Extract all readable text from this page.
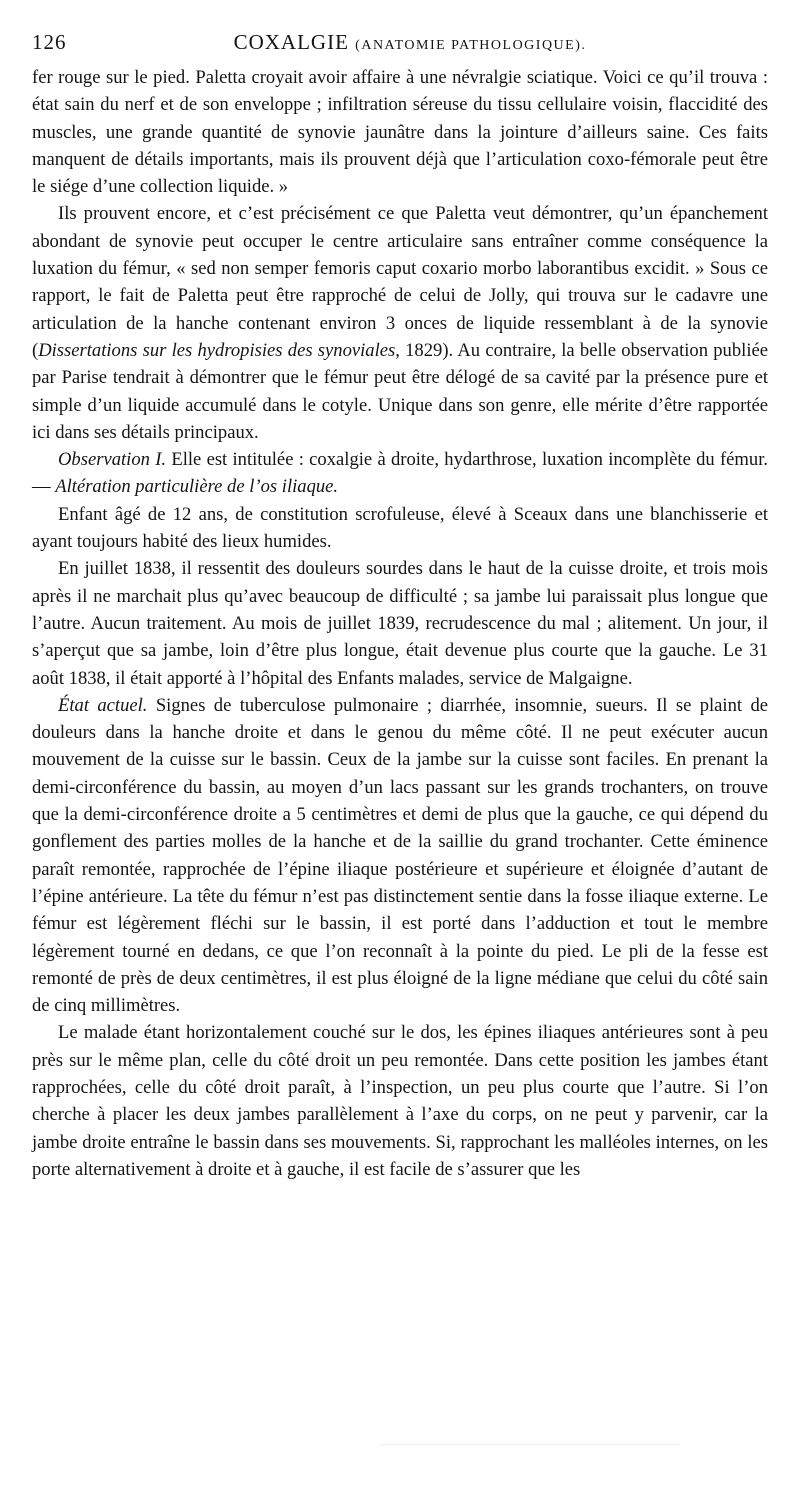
126	COXALGIE (ANATOMIE PATHOLOGIQUE).

fer rouge sur le pied. Paletta croyait avoir affaire à une névralgie sciatique. Voici ce qu’il trouva : état sain du nerf et de son enveloppe ; infiltration séreuse du tissu cellulaire voisin, flaccidité des muscles, une grande quantité de synovie jaunâtre dans la jointure d’ailleurs saine. Ces faits manquent de détails importants, mais ils prouvent déjà que l’articulation coxo-fémorale peut être le siége d’une collection liquide. »

Ils prouvent encore, et c’est précisément ce que Paletta veut démontrer, qu’un épanchement abondant de synovie peut occuper le centre articulaire sans entraîner comme conséquence la luxation du fémur, « sed non semper femoris caput coxario morbo laborantibus excidit. » Sous ce rapport, le fait de Paletta peut être rapproché de celui de Jolly, qui trouva sur le cadavre une articulation de la hanche contenant environ 3 onces de liquide ressemblant à de la synovie (Dissertations sur les hydropisies des synoviales, 1829). Au contraire, la belle observation publiée par Parise tendrait à démontrer que le fémur peut être délogé de sa cavité par la présence pure et simple d’un liquide accumulé dans le cotyle. Unique dans son genre, elle mérite d’être rapportée ici dans ses détails principaux.

Observation I. Elle est intitulée : coxalgie à droite, hydarthrose, luxation incomplète du fémur. — Altération particulière de l’os iliaque.

Enfant âgé de 12 ans, de constitution scrofuleuse, élevé à Sceaux dans une blanchisserie et ayant toujours habité des lieux humides.

En juillet 1838, il ressentit des douleurs sourdes dans le haut de la cuisse droite, et trois mois après il ne marchait plus qu’avec beaucoup de difficulté ; sa jambe lui paraissait plus longue que l’autre. Aucun traitement. Au mois de juillet 1839, recrudescence du mal ; alitement. Un jour, il s’aperçut que sa jambe, loin d’être plus longue, était devenue plus courte que la gauche. Le 31 août 1838, il était apporté à l’hôpital des Enfants malades, service de Malgaigne.

État actuel. Signes de tuberculose pulmonaire ; diarrhée, insomnie, sueurs. Il se plaint de douleurs dans la hanche droite et dans le genou du même côté. Il ne peut exécuter aucun mouvement de la cuisse sur le bassin. Ceux de la jambe sur la cuisse sont faciles. En prenant la demi-circonférence du bassin, au moyen d’un lacs passant sur les grands trochanters, on trouve que la demi-circonférence droite a 5 centimètres et demi de plus que la gauche, ce qui dépend du gonflement des parties molles de la hanche et de la saillie du grand trochanter. Cette éminence paraît remontée, rapprochée de l’épine iliaque postérieure et supérieure et éloignée d’autant de l’épine antérieure. La tête du fémur n’est pas distinctement sentie dans la fosse iliaque externe. Le fémur est légèrement fléchi sur le bassin, il est porté dans l’adduction et tout le membre légèrement tourné en dedans, ce que l’on reconnaît à la pointe du pied. Le pli de la fesse est remonté de près de deux centimètres, il est plus éloigné de la ligne médiane que celui du côté sain de cinq millimètres.

Le malade étant horizontalement couché sur le dos, les épines iliaques antérieures sont à peu près sur le même plan, celle du côté droit un peu remontée. Dans cette position les jambes étant rapprochées, celle du côté droit paraît, à l’inspection, un peu plus courte que l’autre. Si l’on cherche à placer les deux jambes parallèlement à l’axe du corps, on ne peut y parvenir, car la jambe droite entraîne le bassin dans ses mouvements. Si, rapprochant les malléoles internes, on les porte alternativement à droite et à gauche, il est facile de s’assurer que les
